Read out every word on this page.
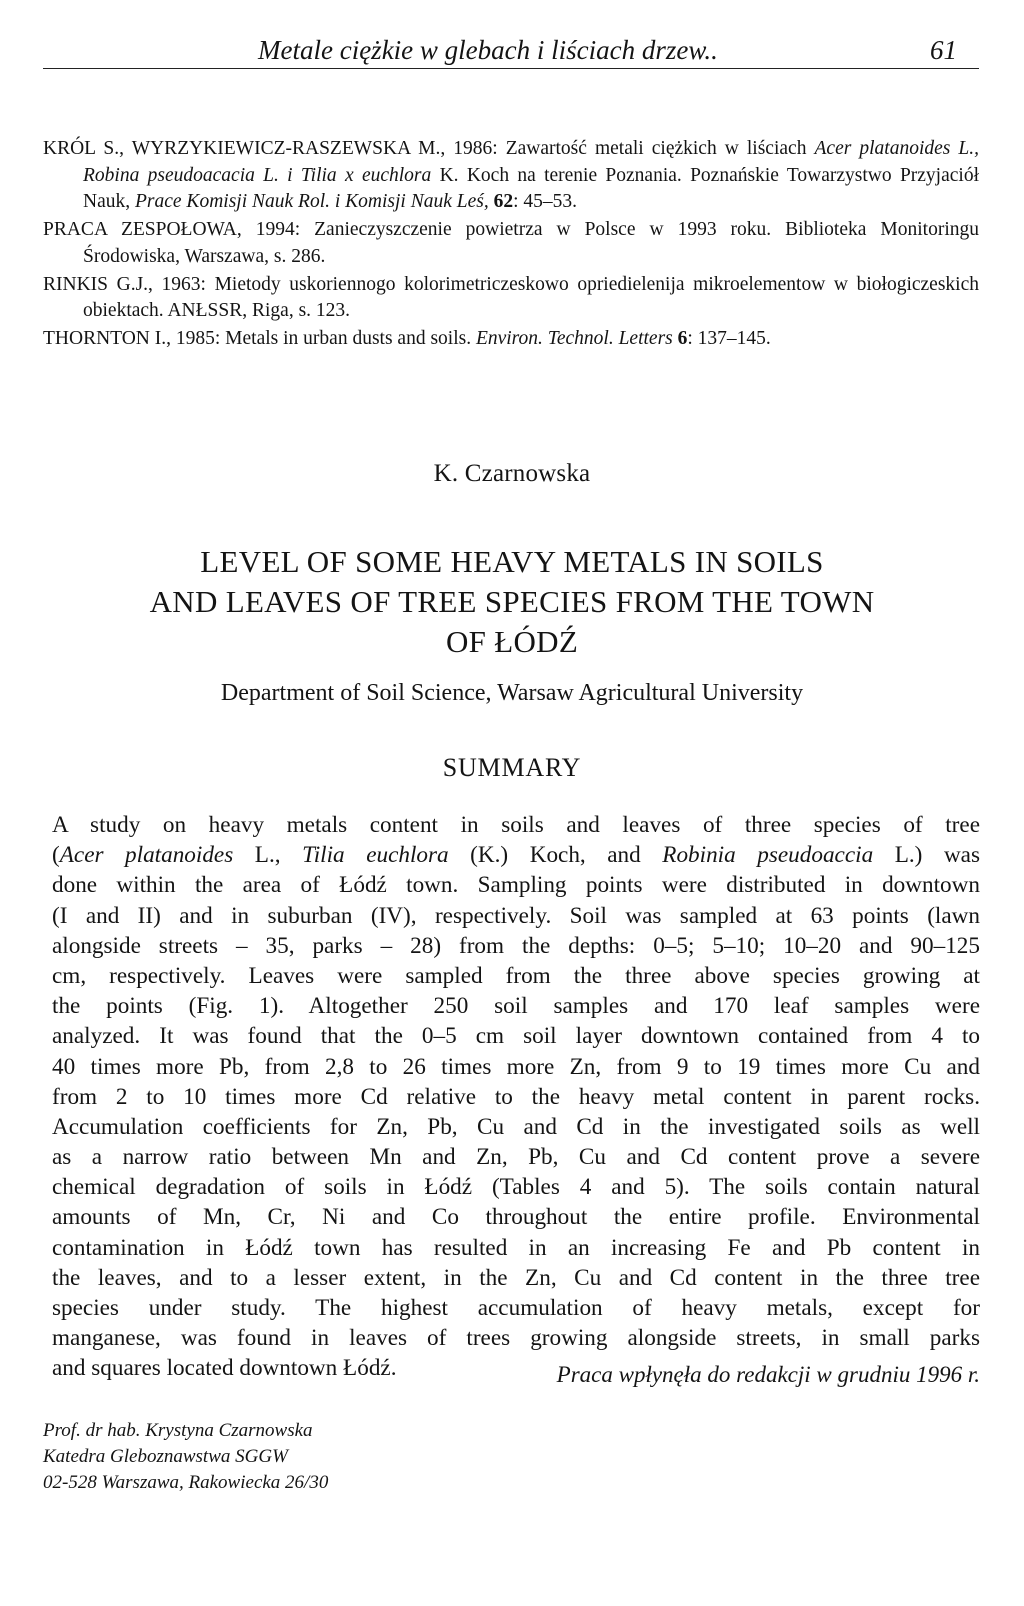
Metale ciężkie w glebach i liściach drzew..	61
KRÓL S., WYRZYKIEWICZ-RASZEWSKA M., 1986: Zawartość metali ciężkich w liściach Acer platanoides L., Robina pseudoacacia L. i Tilia x euchlora K. Koch na terenie Poznania. Poznańskie Towarzystwo Przyjaciół Nauk, Prace Komisji Nauk Rol. i Komisji Nauk Leś, 62: 45–53.
PRACA ZESPOŁOWA, 1994: Zanieczyszczenie powietrza w Polsce w 1993 roku. Biblioteka Monitoringu Środowiska, Warszawa, s. 286.
RINKIS G.J., 1963: Mietody uskoriennogo kolorimetriczeskowo opriedielenija mikroelementow w biołogiczeskich obiektach. ANŁSSR, Riga, s. 123.
THORNTON I., 1985: Metals in urban dusts and soils. Environ. Technol. Letters 6: 137–145.
K. Czarnowska
LEVEL OF SOME HEAVY METALS IN SOILS
AND LEAVES OF TREE SPECIES FROM THE TOWN
OF ŁÓDŹ
Department of Soil Science, Warsaw Agricultural University
SUMMARY
A study on heavy metals content in soils and leaves of three species of tree
(Acer platanoides L., Tilia euchlora (K.) Koch, and Robinia pseudoaccia L.) was
done within the area of Łódź town. Sampling points were distributed in downtown
(I and II) and in suburban (IV), respectively. Soil was sampled at 63 points (lawn
alongside streets – 35, parks – 28) from the depths: 0–5; 5–10; 10–20 and 90–125
cm, respectively. Leaves were sampled from the three above species growing at
the points (Fig. 1). Altogether 250 soil samples and 170 leaf samples were
analyzed. It was found that the 0–5 cm soil layer downtown contained from 4 to
40 times more Pb, from 2,8 to 26 times more Zn, from 9 to 19 times more Cu and
from 2 to 10 times more Cd relative to the heavy metal content in parent rocks.
Accumulation coefficients for Zn, Pb, Cu and Cd in the investigated soils as well
as a narrow ratio between Mn and Zn, Pb, Cu and Cd content prove a severe
chemical degradation of soils in Łódź (Tables 4 and 5). The soils contain natural
amounts of Mn, Cr, Ni and Co throughout the entire profile. Environmental
contamination in Łódź town has resulted in an increasing Fe and Pb content in
the leaves, and to a lesser extent, in the Zn, Cu and Cd content in the three tree
species under study. The highest accumulation of heavy metals, except for
manganese, was found in leaves of trees growing alongside streets, in small parks
and squares located downtown Łódź.	Praca wpłynęła do redakcji w grudniu 1996 r.
Prof. dr hab. Krystyna Czarnowska
Katedra Gleboznawstwa SGGW
02-528 Warszawa, Rakowiecka 26/30
